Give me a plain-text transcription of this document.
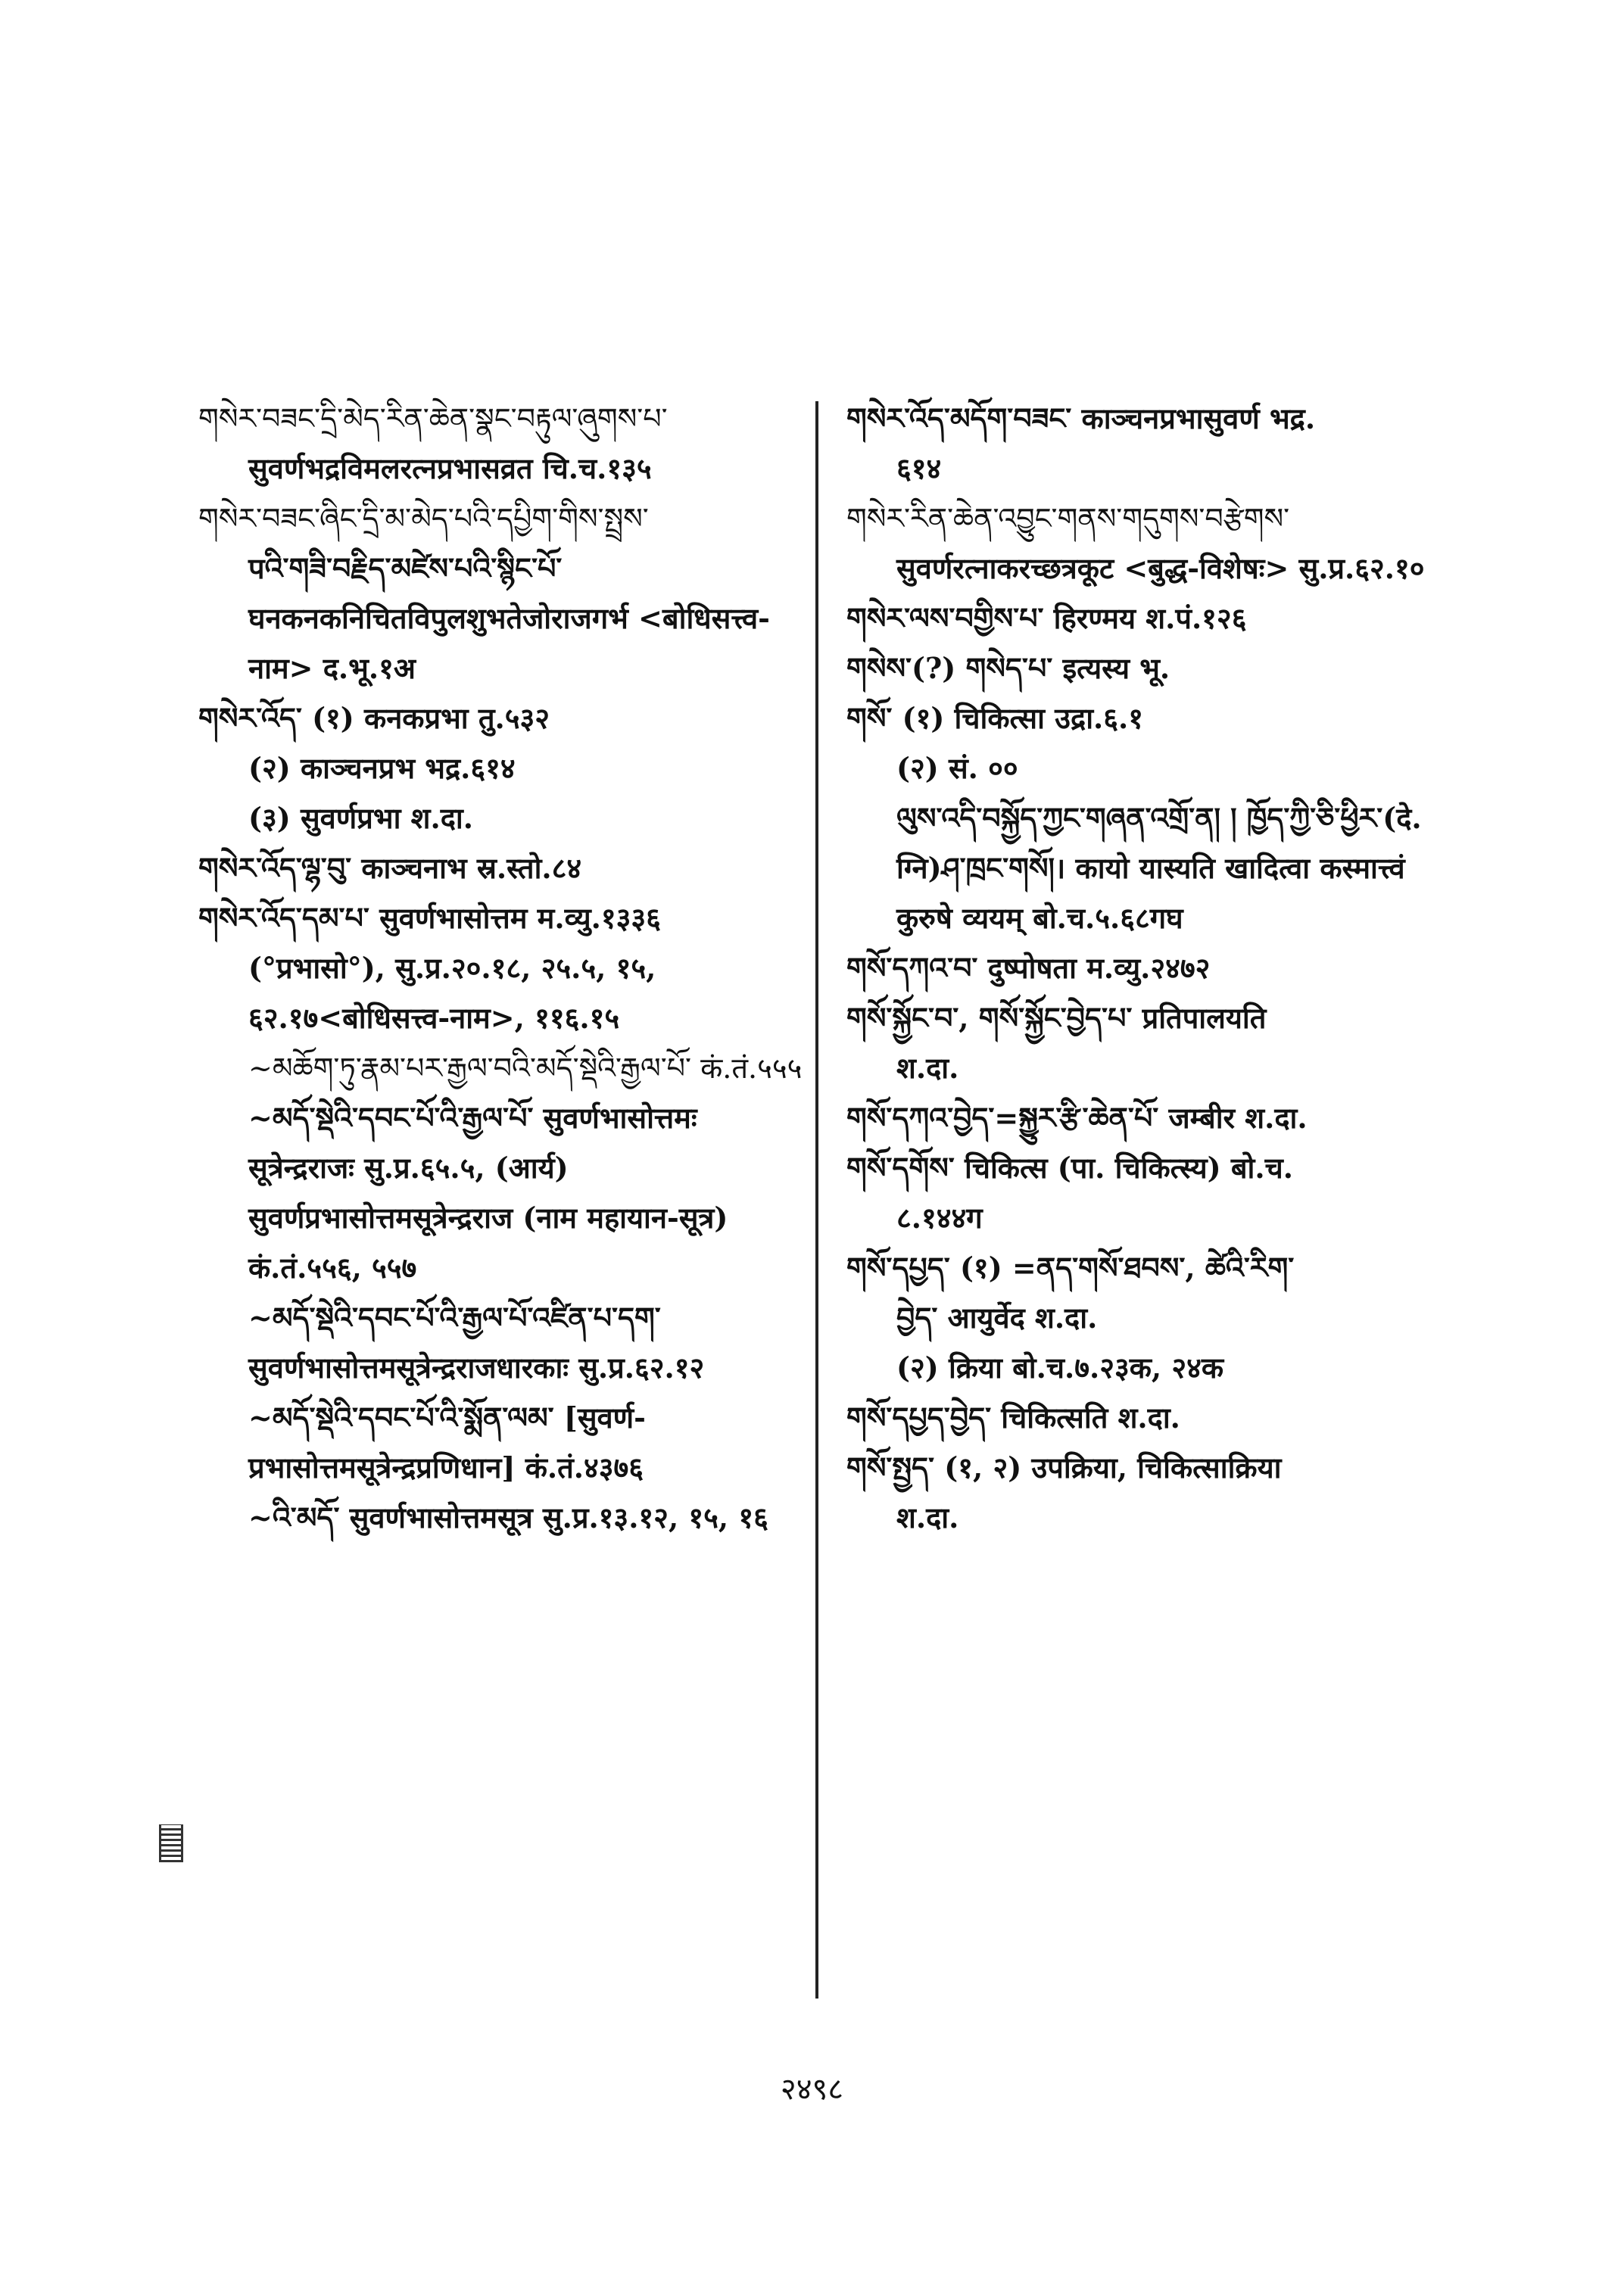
གསེར་བཟང་དྲི་མེད་རིན་ཆེན་སྣང་བརྟུལ་ཞུགས་པ་
सुवर्णभद्रविमलरत्नप्रभासव्रत चि.च.१३५
གསེར་བཟང་ཞིང་དྲི་མ་མེད་པའི་དཔྱིག་གིས་སྤྲས་
पའི་གཟི་བརྗིད་མཛེས་པའི་སྙིང་པོ་ घनकनकनिचितविपुलशुभतेजोराजगर्भ <बोधिसत्त्व-नाम> द.भू.१अ
གསེར་འོད་ (१) कनकप्रभा तु.५३२
(२) काञ्चनप्रभ भद्र.६१४
(३) सुवर्णप्रभा श.दा.
གསེར་འོད་ལྷ་བུ་ काञ्चनाभ स्र.स्तो.८४
གསེར་འོད་དམ་པ་ सुवर्णभासोत्तम म.व्यु.१३३६
(°प्रभासो°), सु.प्र.२०.१८, २५.५, १५, ६२.१७<बोधिसत्त्व-नाम>, ११६.१५
~མཆོག་ཏུ་རྣམ་པར་རྒྱལ་བའི་མདོ་སྡེའི་རྒྱལ་པོ་ कं.तं.५५५
~མདོ་སྡེའི་དབང་པོ་འི་རྒྱལ་པོ་ सुवर्णभासोत्तमः सूत्रेन्द्रराजः सु.प्र.६५.५, (आर्य) सुवर्णप्रभासोत्तमसूत्रेन्द्रराज (नाम महायान-सूत्र) कं.तं.५५६, ५५७
~མདོ་སྡེའི་དབང་པོ་འི་རྒྱལ་པོ་འཛིན་པ་དག་ सुवर्णभासोत्तमसूत्रेन्द्रराजधारकाः सु.प्र.६२.१२
~མདོ་སྡེའི་དབང་པོ་འི་སྨོན་ལམ་ [सुवर्ण-प्रभासोत्तमसूत्रेन्द्रप्रणिधान] कं.तं.४३७६
~འི་མདོ་ सुवर्णभासोत्तमसूत्र सु.प्र.१३.१२, १५, १६
གསེར་འོད་མདོག་བཟང་ काञ्चनप्रभासुवर्ण भद्र.
६१४
གསེར་རིན་ཆེན་འབྱུང་གནས་གདུགས་བརྩེགས་
सुवर्णरत्नाकरच्छत्रकूट <बुद्ध-विशेषः> सु.प्र.६२.१०
གསེར་ལས་བགྱིས་པ་ हिरण्मय श.पं.१२६
གསེས་(?) གསེད་པ་ इत्यस्य भू.
གསོ་ (१) चिकित्सा उद्रा.६.१
(२) सं. ००
ལུས་འདི་བསྐྱོད་ཀྱང་གཞན་འགྲོ་ན། ། ཁྱོད་ཀྱི་ཅི་ཕྱིར་(दे. ग्नि)ཤ་ཁྲང་གསོ།। कायो यास्यति खादित्वा कस्मात्त्वं कुरुषे व्ययम् बो.च.५.६८गघ
གསོ་དཀའ་བ་ दुष्पोषता म.व्यु.२४७२
གསོ་སྐྱོང་བ་, གསོ་སྐྱོང་བྱེད་པ་ प्रतिपालयति
श.दा.
གསོ་དཀའ་བྱེད་=སྐྱུར་རྩི་ཆེན་པོ་ जम्बीर श.दा.
གསོ་དགོས་ चिकित्स (पा. चिकित्स्य) बो.च.
८.१४४ग
གསོ་དཔྱད་ (१) =ནད་གསོ་ཐབས་, ཚེའི་རིག་
བྱེད་ आयुर्वेद श.दा.
(२) क्रिया बो.च.७.२३क, २४क
གསོ་དཔྱད་བྱེད་ चिकित्सति श.दा.
གསོ་སྤྱད་ (१, २) उपक्रिया, चिकित्साक्रिया
श.दा.
२४९८
